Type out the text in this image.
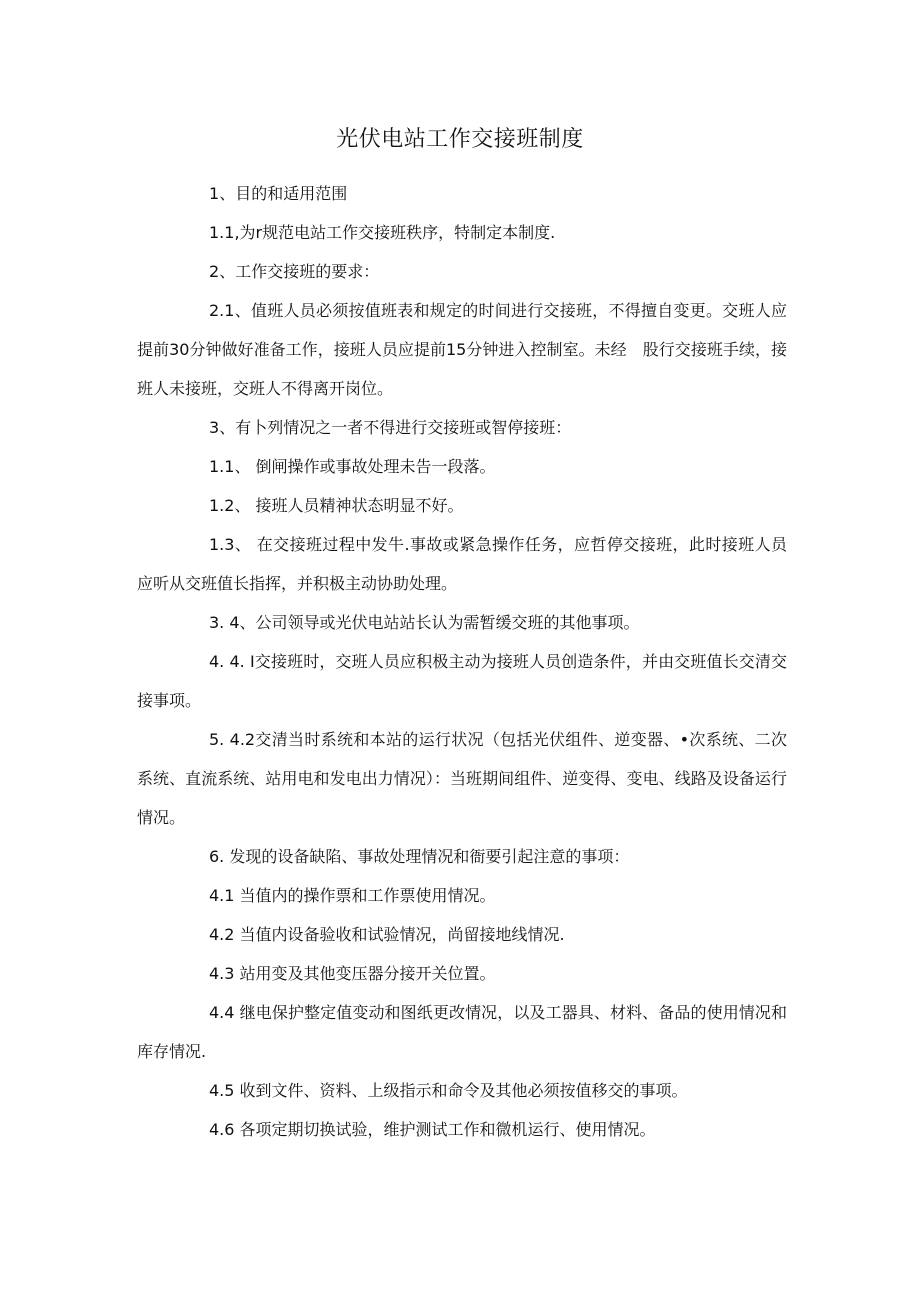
光伏电站工作交接班制度

1、目的和适用范围

1.1,为r规范电站工作交接班秩序，特制定本制度.

2、工作交接班的要求：

2.1、值班人员必须按值班表和规定的时间进行交接班，不得擅自变更。交班人应提前30分钟做好准备工作，接班人员应提前15分钟进入控制室。未经　股行交接班手续，接班人未接班，交班人不得离开岗位。

3、有卜列情况之一者不得进行交接班或智停接班：

1.1、 倒闸操作或事故处理未告一段落。

1.2、 接班人员精神状态明显不好。

1.3、 在交接班过程中发牛.事故或紧急操作任务，应哲停交接班，此时接班人员应听从交班值长指挥，并积极主动协助处理。

3. 4、公司领导或光伏电站站长认为需暂缓交班的其他事项。

4. 4. I交接班时，交班人员应积极主动为接班人员创造条件，并由交班值长交清交接事项。

5. 4.2交清当时系统和本站的运行状况（包括光伏组件、逆变器、•次系统、二次系统、直流系统、站用电和发电出力情况）：当班期间组件、逆变得、变电、线路及设备运行情况。

6. 发现的设备缺陷、事故处理情况和衙要引起注意的事项：

4.1 当值内的操作票和工作票使用情况。

4.2 当值内设备验收和试验情况，尚留接地线情况.

4.3 站用变及其他变压器分接开关位置。

4.4 继电保护整定值变动和图纸更改情况，以及工器具、材料、备品的使用情况和库存情况.

4.5 收到文件、资料、上级指示和命令及其他必须按值移交的事项。

4.6 各项定期切换试验，维护测试工作和微机运行、使用情况。
